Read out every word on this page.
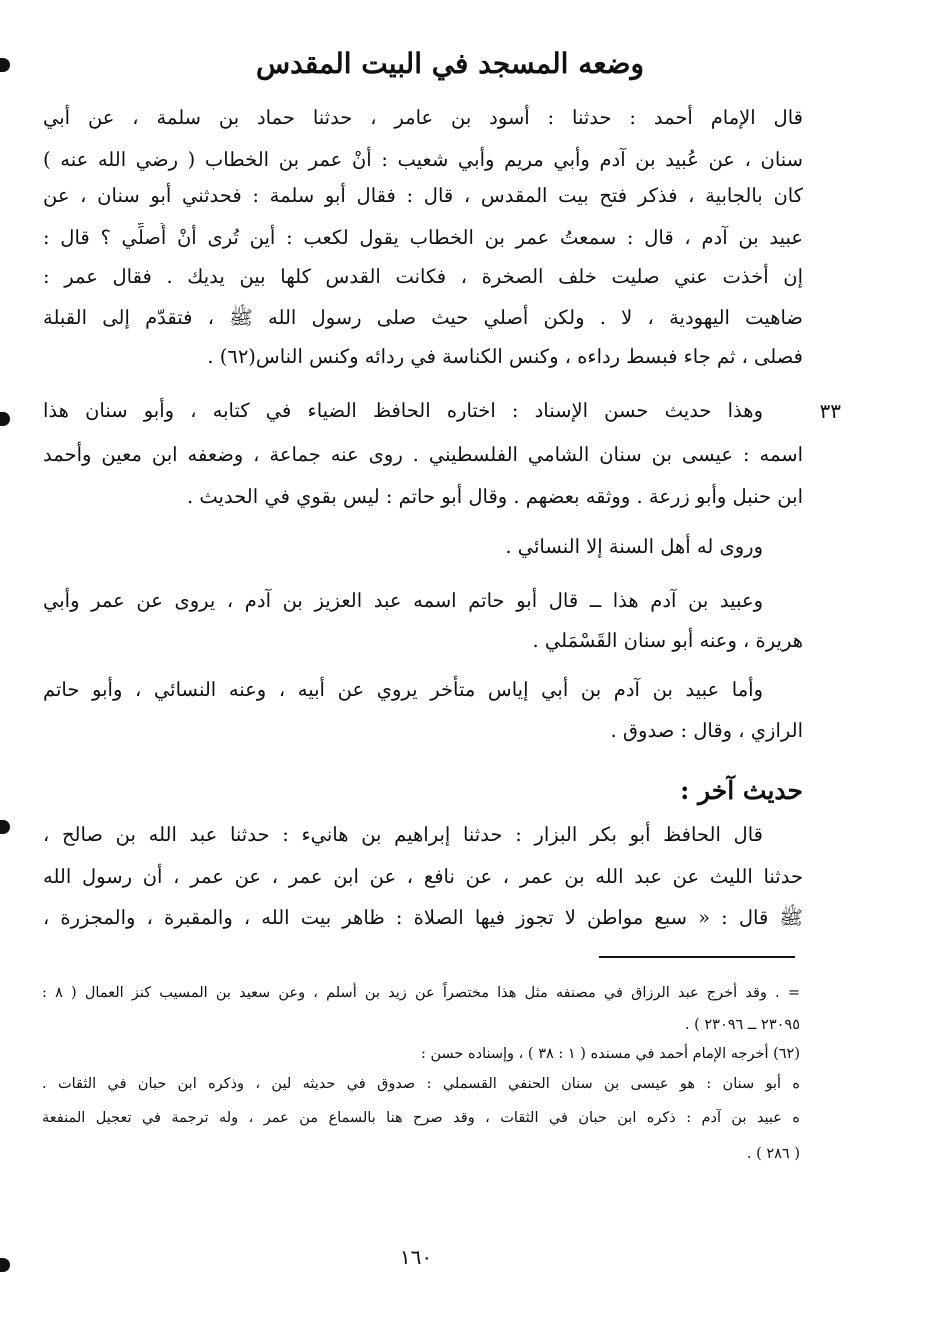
وضعه المسجد في البيت المقدس
قال الإمام أحمد : حدثنا : أسود بن عامر ، حدثنا حماد بن سلمة ، عن أبي
سنان ، عن عُبيد بن آدم وأبي مريم وأبي شعيب : أنْ عمر بن الخطاب ( رضي الله عنه )
كان بالجابية ، فذكر فتح بيت المقدس ، قال : فقال أبو سلمة : فحدثني أبو سنان ، عن
عبيد بن آدم ، قال : سمعتُ عمر بن الخطاب يقول لكعب : أين تُرى أنْ أُصلِّي ؟ قال :
إن أخذت عني صليت خلف الصخرة ، فكانت القدس كلها بين يديك . فقال عمر :
ضاهيت اليهودية ، لا . ولكن أصلي حيث صلى رسول الله ﷺ ، فتقدّم إلى القبلة
فصلى ، ثم جاء فبسط رداءه ، وكنس الكناسة في ردائه وكنس الناس(٦٢) .
٣٣
وهذا حديث حسن الإسناد : اختاره الحافظ الضياء في كتابه ، وأبو سنان هذا
اسمه : عيسى بن سنان الشامي الفلسطيني . روى عنه جماعة ، وضعفه ابن معين وأحمد
ابن حنبل وأبو زرعة . ووثقه بعضهم . وقال أبو حاتم : ليس بقوي في الحديث .
وروى له أهل السنة إلا النسائي .
وعبيد بن آدم هذا ــ قال أبو حاتم اسمه عبد العزيز بن آدم ، يروى عن عمر وأبي
هريرة ، وعنه أبو سنان القَسْمَلي .
وأما عبيد بن آدم بن أبي إياس متأخر يروي عن أبيه ، وعنه النسائي ، وأبو حاتم
الرازي ، وقال : صدوق .
حديث آخر :
قال الحافظ أبو بكر البزار : حدثنا إبراهيم بن هانيء : حدثنا عبد الله بن صالح ،
حدثنا الليث عن عبد الله بن عمر ، عن نافع ، عن ابن عمر ، عن عمر ، أن رسول الله
ﷺ قال : « سبع مواطن لا تجوز فيها الصلاة : ظاهر بيت الله ، والمقبرة ، والمجزرة ،
= . وقد أخرج عبد الرزاق في مصنفه مثل هذا مختصراً عن زيد بن أسلم ، وعن سعيد بن المسيب كنز العمال ( ٨ :
٢٣٠٩٥ ــ ٢٣٠٩٦ ) .
(٦٢) أخرجه الإمام أحمد في مسنده ( ١ : ٣٨ ) ، وإسناده حسن :
ه أبو سنان : هو عيسى بن سنان الحنفي القسملي : صدوق في حديثه لين ، وذكره ابن حبان في الثقات .
ه عبيد بن آدم : ذكره ابن حبان في الثقات ، وقد صرح هنا بالسماع من عمر ، وله ترجمة في تعجيل المنفعة
( ٢٨٦ ) .
١٦٠
